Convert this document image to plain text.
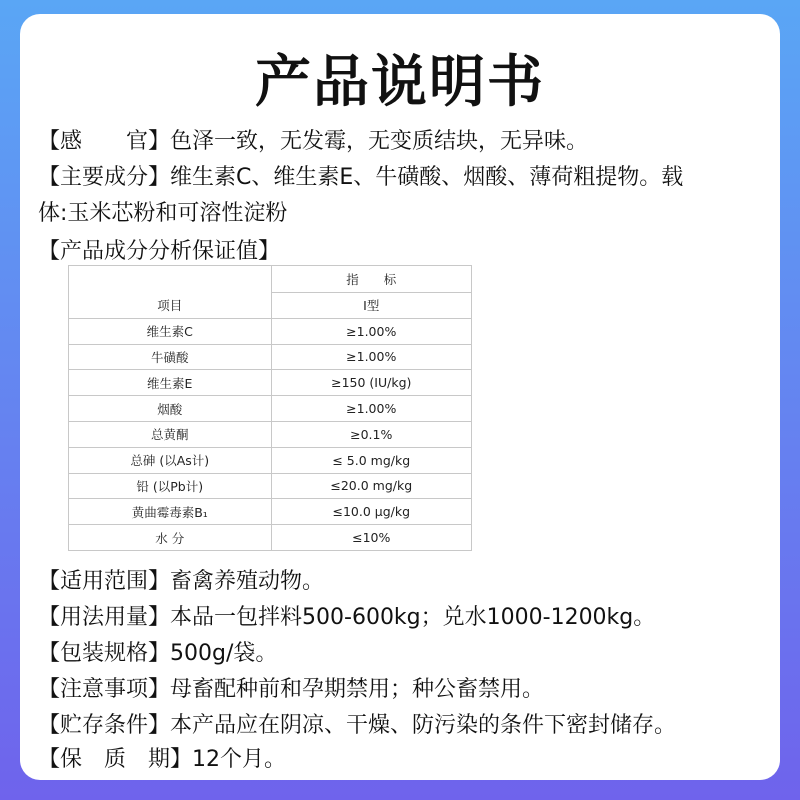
产品说明书
【感　　官】色泽一致，无发霉，无变质结块，无异味。
【主要成分】维生素C、维生素E、牛磺酸、烟酸、薄荷粗提物。载
体:玉米芯粉和可溶性淀粉
【产品成分分析保证值】
项目	指　　标
	Ⅰ型
维生素C	≥1.00%
牛磺酸	≥1.00%
维生素E	≥150 (IU/kg)
烟酸	≥1.00%
总黄酮	≥0.1%
总砷 (以As计)	≤ 5.0 mg/kg
铅 (以Pb计)	≤20.0 mg/kg
黄曲霉毒素B₁	≤10.0 μg/kg
水 分	≤10%
【适用范围】畜禽养殖动物。
【用法用量】本品一包拌料500-600kg；兑水1000-1200kg。
【包装规格】500g/袋。
【注意事项】母畜配种前和孕期禁用；种公畜禁用。
【贮存条件】本产品应在阴凉、干燥、防污染的条件下密封储存。
【保　质　期】12个月。
